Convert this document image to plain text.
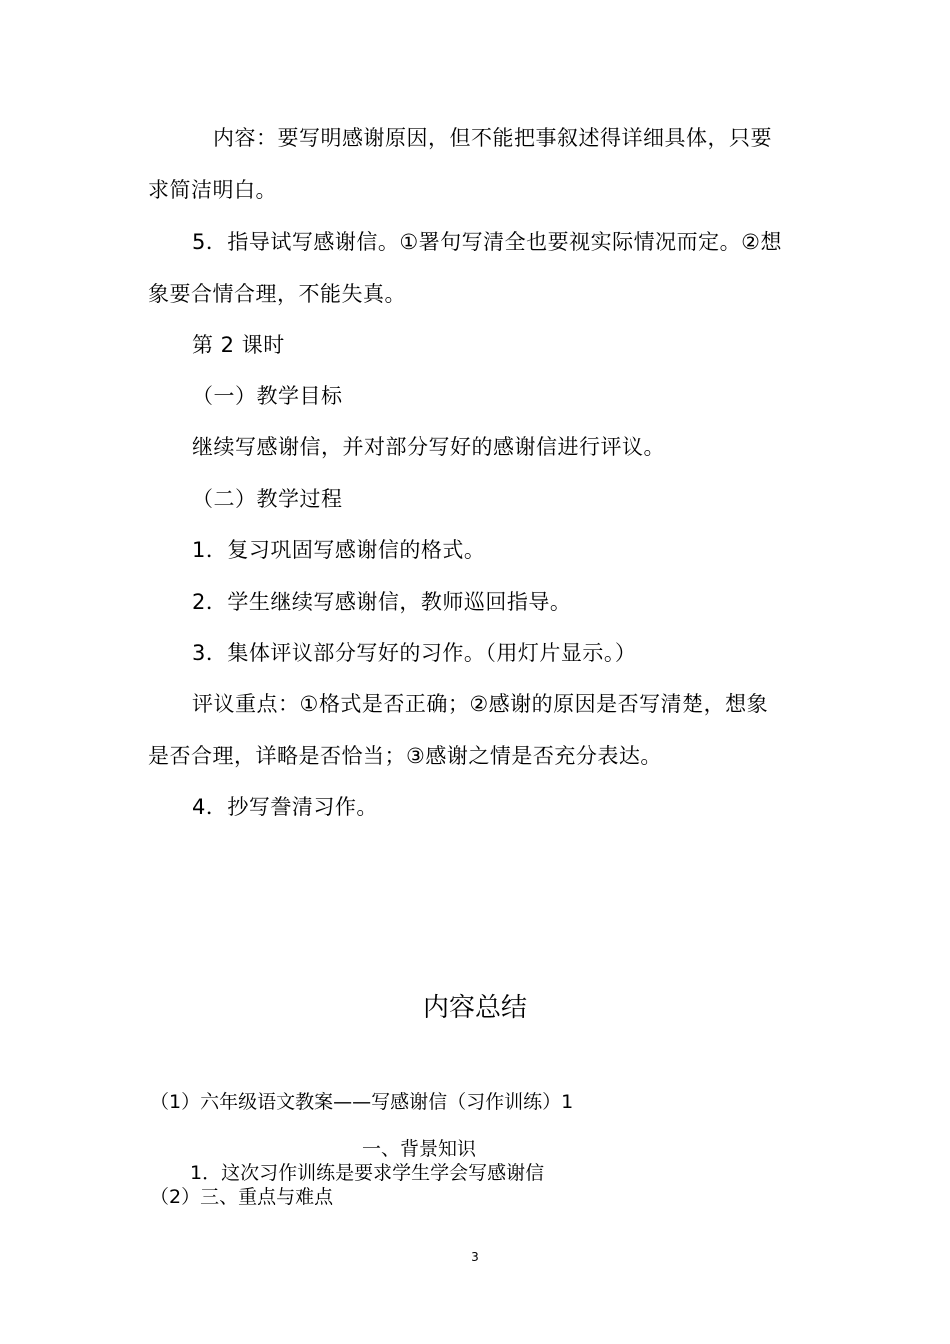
内容：要写明感谢原因，但不能把事叙述得详细具体，只要
求简洁明白。
5．指导试写感谢信。①署句写清全也要视实际情况而定。②想
象要合情合理，不能失真。
第 2 课时
（一）教学目标
继续写感谢信，并对部分写好的感谢信进行评议。
（二）教学过程
1．复习巩固写感谢信的格式。
2．学生继续写感谢信，教师巡回指导。
3．集体评议部分写好的习作。（用灯片显示。）
评议重点：①格式是否正确；②感谢的原因是否写清楚，想象
是否合理，详略是否恰当；③感谢之情是否充分表达。
4．抄写誊清习作。
内容总结
（1）六年级语文教案——写感谢信（习作训练）1
一、背景知识
1．这次习作训练是要求学生学会写感谢信
（2）三、重点与难点
3
